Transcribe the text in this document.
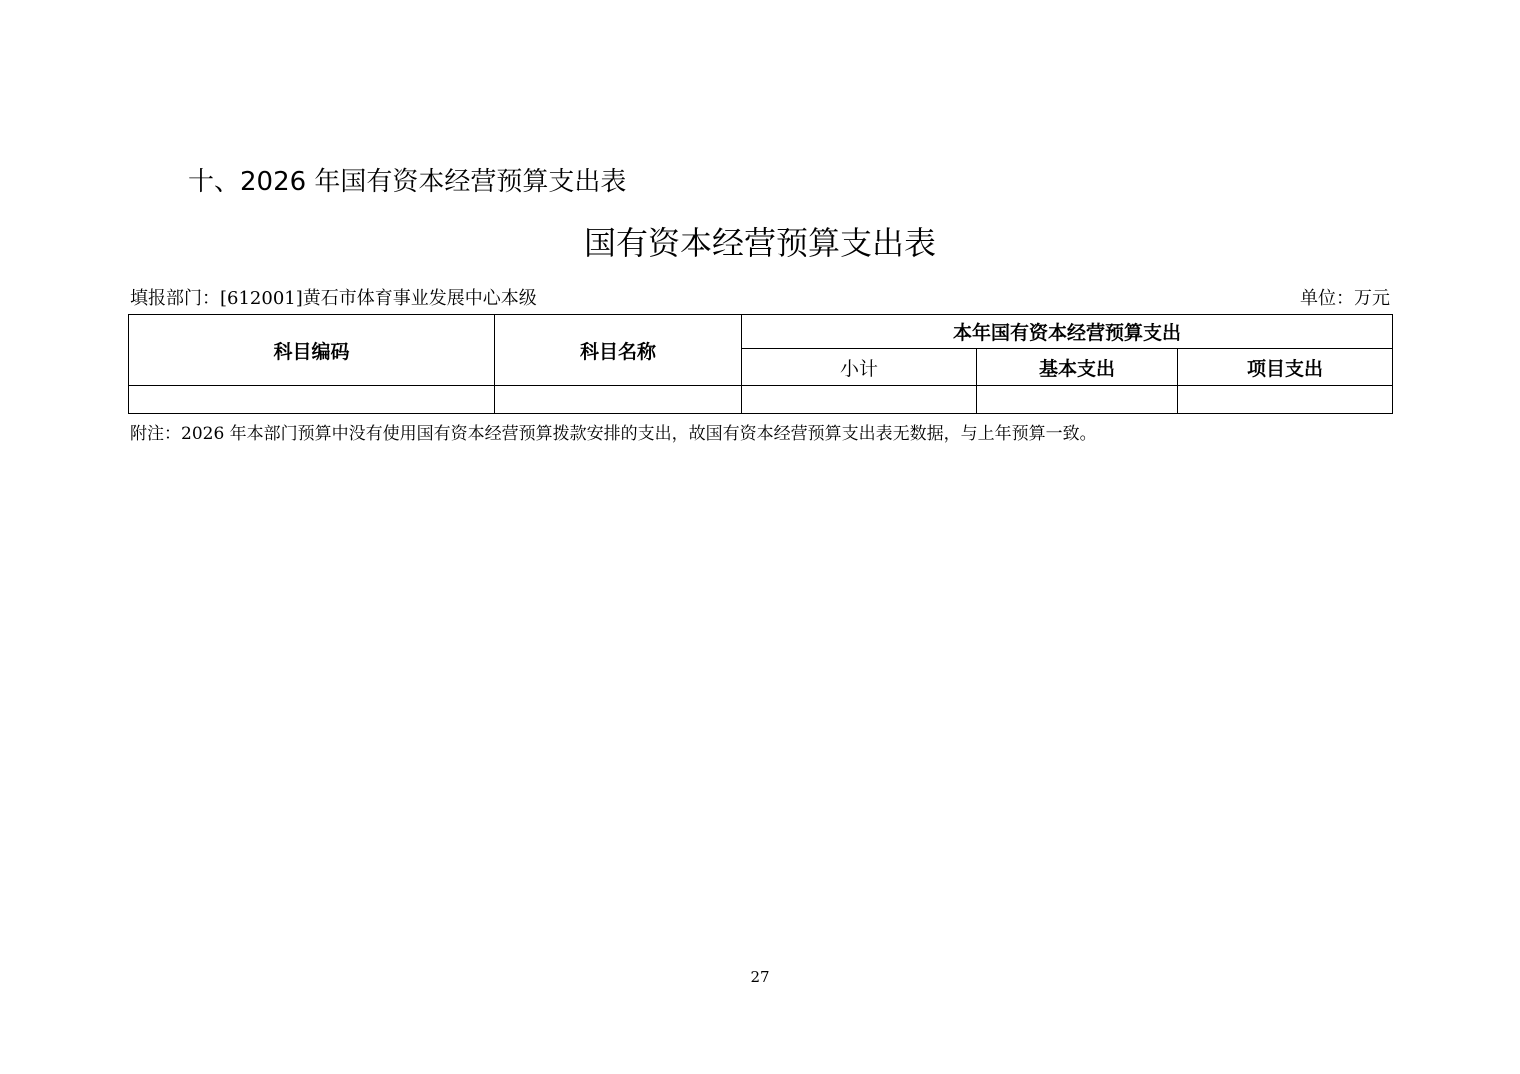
十、2026 年国有资本经营预算支出表
国有资本经营预算支出表
填报部门：[612001]黄石市体育事业发展中心本级	单位：万元
科目编码	科目名称	本年国有资本经营预算支出		
		小计	基本支出	项目支出

附注：2026 年本部门预算中没有使用国有资本经营预算拨款安排的支出，故国有资本经营预算支出表无数据，与上年预算一致。
27
